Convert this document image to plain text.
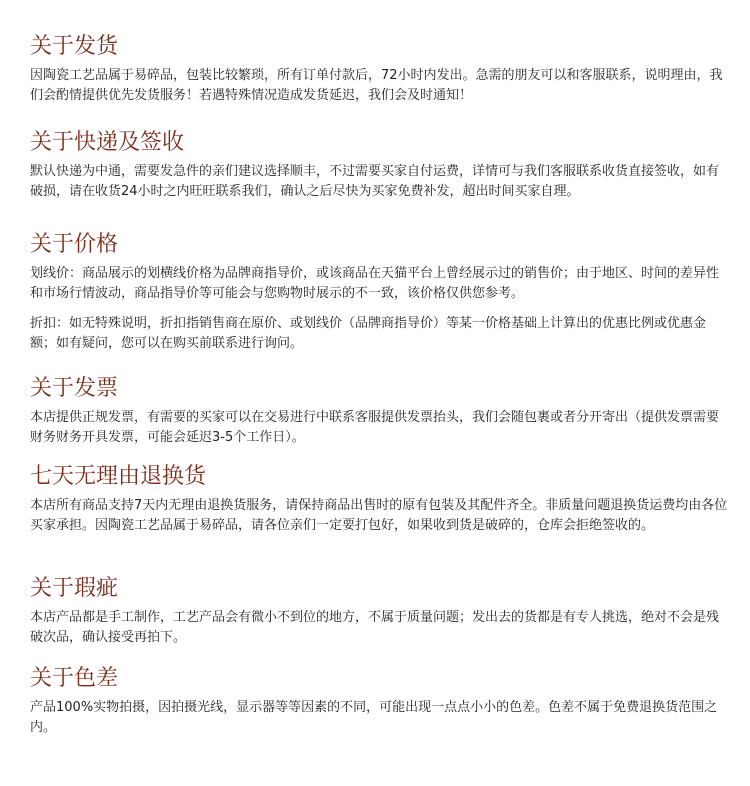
关于发货

因陶瓷工艺品属于易碎品，包装比较繁琐，所有订单付款后，72小时内发出。急需的朋友可以和客服联系，说明理由，我们会酌情提供优先发货服务！若遇特殊情况造成发货延迟，我们会及时通知！

关于快递及签收

默认快递为中通，需要发急件的亲们建议选择顺丰，不过需要买家自付运费，详情可与我们客服联系收货直接签收，如有破损，请在收货24小时之内旺旺联系我们，确认之后尽快为买家免费补发，超出时间买家自理。

关于价格

划线价：商品展示的划横线价格为品牌商指导价，或该商品在天猫平台上曾经展示过的销售价；由于地区、时间的差异性和市场行情波动，商品指导价等可能会与您购物时展示的不一致，该价格仅供您参考。

折扣：如无特殊说明，折扣指销售商在原价、或划线价（品牌商指导价）等某一价格基础上计算出的优惠比例或优惠金额；如有疑问，您可以在购买前联系进行询问。

关于发票

本店提供正规发票，有需要的买家可以在交易进行中联系客服提供发票抬头，我们会随包裹或者分开寄出（提供发票需要财务财务开具发票，可能会延迟3-5个工作日）。

七天无理由退换货

本店所有商品支持7天内无理由退换货服务，请保持商品出售时的原有包装及其配件齐全。非质量问题退换货运费均由各位买家承担。因陶瓷工艺品属于易碎品，请各位亲们一定要打包好，如果收到货是破碎的，仓库会拒绝签收的。

关于瑕疵

本店产品都是手工制作，工艺产品会有微小不到位的地方，不属于质量问题；发出去的货都是有专人挑选，绝对不会是残破次品，确认接受再拍下。

关于色差

产品100%实物拍摄，因拍摄光线，显示器等等因素的不同，可能出现一点点小小的色差。色差不属于免费退换货范围之内。
